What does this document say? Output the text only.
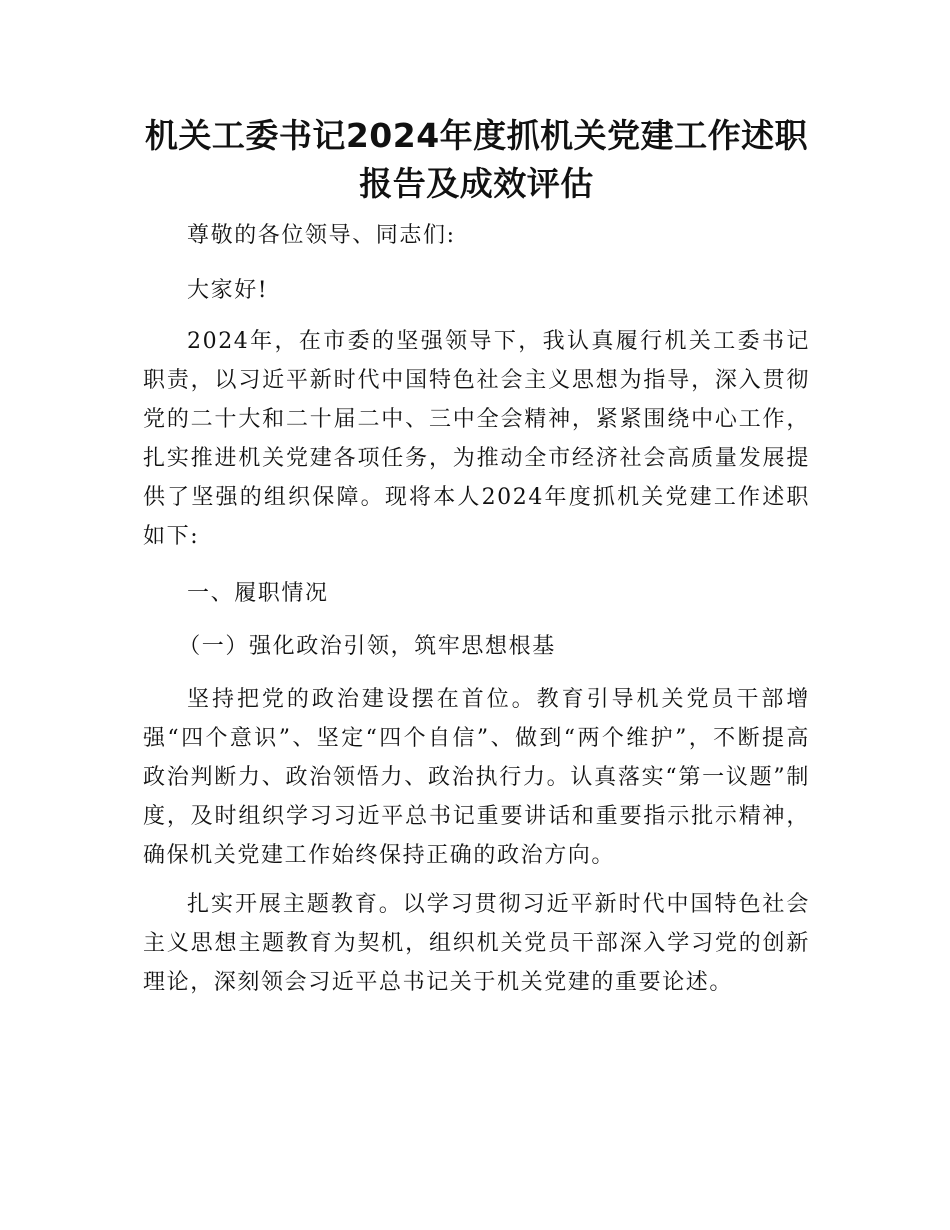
机关工委书记2024年度抓机关党建工作述职报告及成效评估

尊敬的各位领导、同志们:

大家好!

2024年，在市委的坚强领导下，我认真履行机关工委书记职责，以习近平新时代中国特色社会主义思想为指导，深入贯彻党的二十大和二十届二中、三中全会精神，紧紧围绕中心工作，扎实推进机关党建各项任务，为推动全市经济社会高质量发展提供了坚强的组织保障。现将本人2024年度抓机关党建工作述职如下:

一、履职情况

（一）强化政治引领，筑牢思想根基

坚持把党的政治建设摆在首位。教育引导机关党员干部增强“四个意识”、坚定“四个自信”、做到“两个维护”，不断提高政治判断力、政治领悟力、政治执行力。认真落实“第一议题”制度，及时组织学习习近平总书记重要讲话和重要指示批示精神，确保机关党建工作始终保持正确的政治方向。

扎实开展主题教育。以学习贯彻习近平新时代中国特色社会主义思想主题教育为契机，组织机关党员干部深入学习党的创新理论，深刻领会习近平总书记关于机关党建的重要论述。
